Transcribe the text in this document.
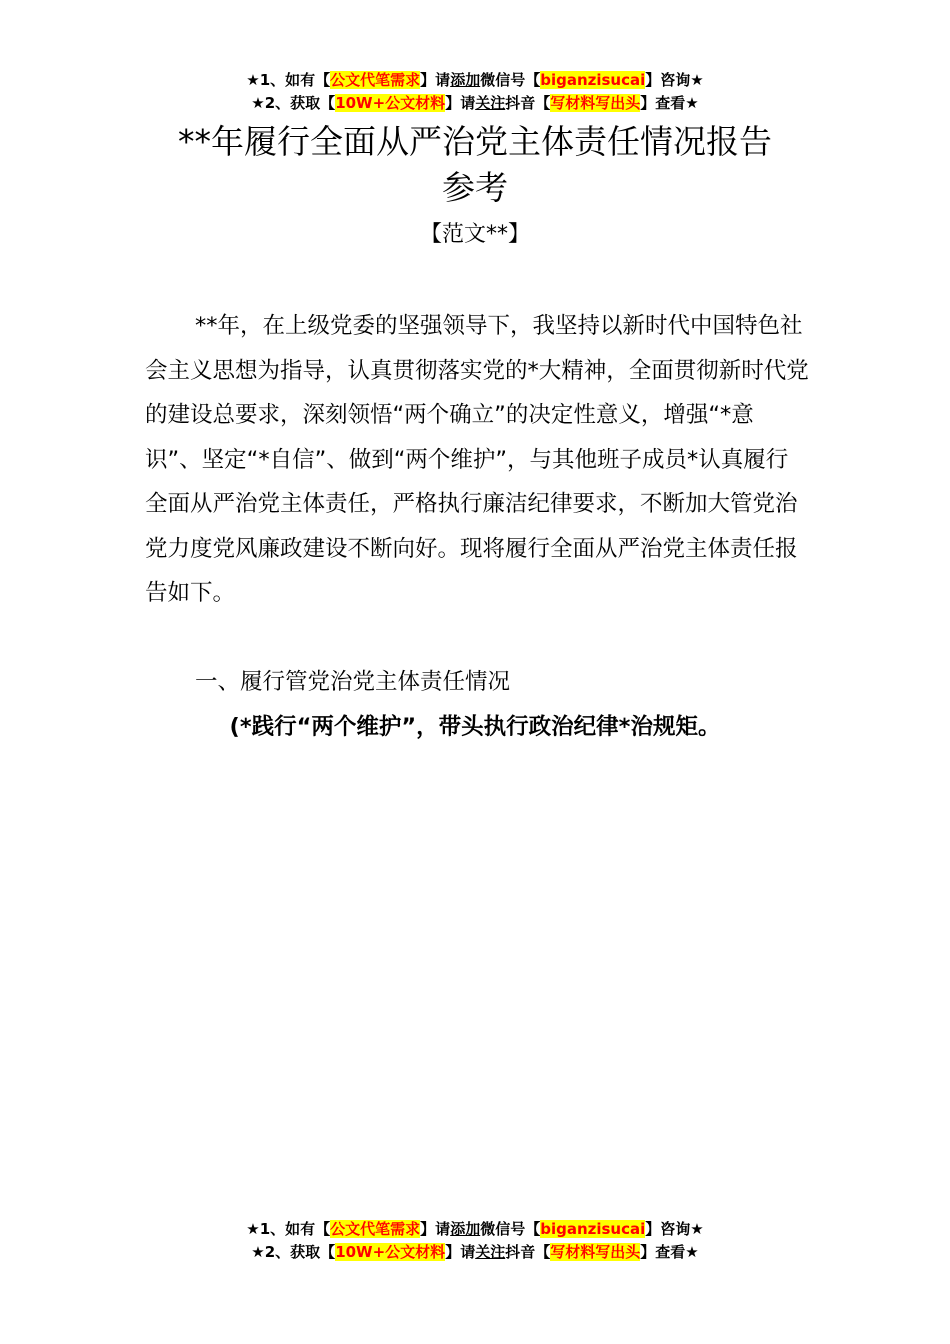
★1、如有【公文代笔需求】请添加微信号【biganzisucai】咨询★
★2、获取【10W+公文材料】请关注抖音【写材料写出头】查看★
**年履行全面从严治党主体责任情况报告
参考
【范文**】
**年，在上级党委的坚强领导下，我坚持以新时代中国特色社会主义思想为指导，认真贯彻落实党的*大精神，全面贯彻新时代党的建设总要求，深刻领悟“两个确立”的决定性意义，增强“*意识”、坚定“*自信”、做到“两个维护”，与其他班子成员*认真履行全面从严治党主体责任，严格执行廉洁纪律要求，不断加大管党治党力度党风廉政建设不断向好。现将履行全面从严治党主体责任报告如下。
一、履行管党治党主体责任情况
(*践行“两个维护”，带头执行政治纪律*治规矩。
★1、如有【公文代笔需求】请添加微信号【biganzisucai】咨询★
★2、获取【10W+公文材料】请关注抖音【写材料写出头】查看★
